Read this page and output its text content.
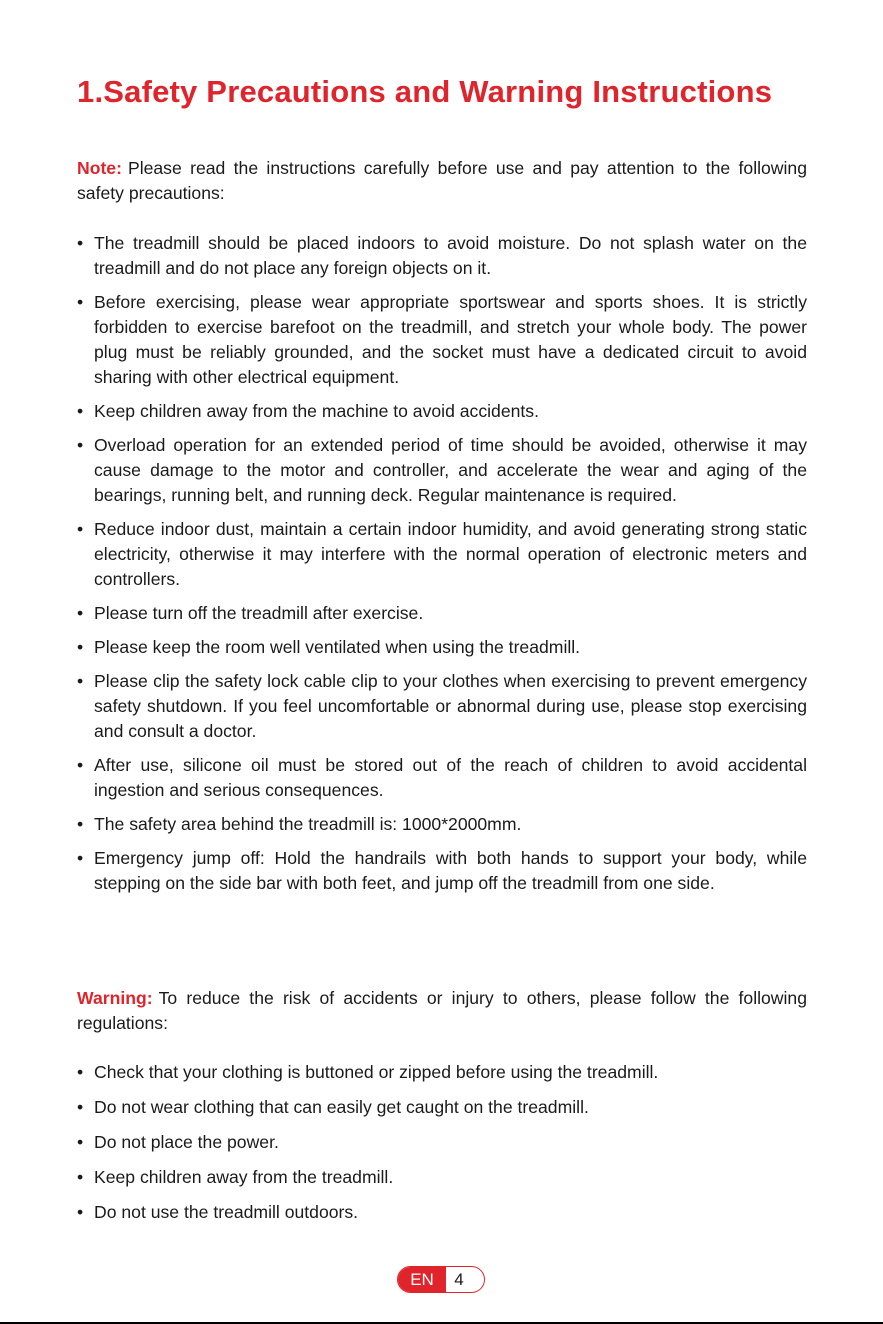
1.Safety Precautions and Warning Instructions

Note: Please read the instructions carefully before use and pay attention to the following safety precautions:

• The treadmill should be placed indoors to avoid moisture. Do not splash water on the treadmill and do not place any foreign objects on it.
• Before exercising, please wear appropriate sportswear and sports shoes. It is strictly forbidden to exercise barefoot on the treadmill, and stretch your whole body. The power plug must be reliably grounded, and the socket must have a dedicated circuit to avoid sharing with other electrical equipment.
• Keep children away from the machine to avoid accidents.
• Overload operation for an extended period of time should be avoided, otherwise it may cause damage to the motor and controller, and accelerate the wear and aging of the bearings, running belt, and running deck. Regular maintenance is required.
• Reduce indoor dust, maintain a certain indoor humidity, and avoid generating strong static electricity, otherwise it may interfere with the normal operation of electronic meters and controllers.
• Please turn off the treadmill after exercise.
• Please keep the room well ventilated when using the treadmill.
• Please clip the safety lock cable clip to your clothes when exercising to prevent emergency safety shutdown. If you feel uncomfortable or abnormal during use, please stop exercising and consult a doctor.
• After use, silicone oil must be stored out of the reach of children to avoid accidental ingestion and serious consequences.
• The safety area behind the treadmill is: 1000*2000mm.
• Emergency jump off: Hold the handrails with both hands to support your body, while stepping on the side bar with both feet, and jump off the treadmill from one side.

Warning: To reduce the risk of accidents or injury to others, please follow the following regulations:

• Check that your clothing is buttoned or zipped before using the treadmill.
• Do not wear clothing that can easily get caught on the treadmill.
• Do not place the power.
• Keep children away from the treadmill.
• Do not use the treadmill outdoors.
EN	4
